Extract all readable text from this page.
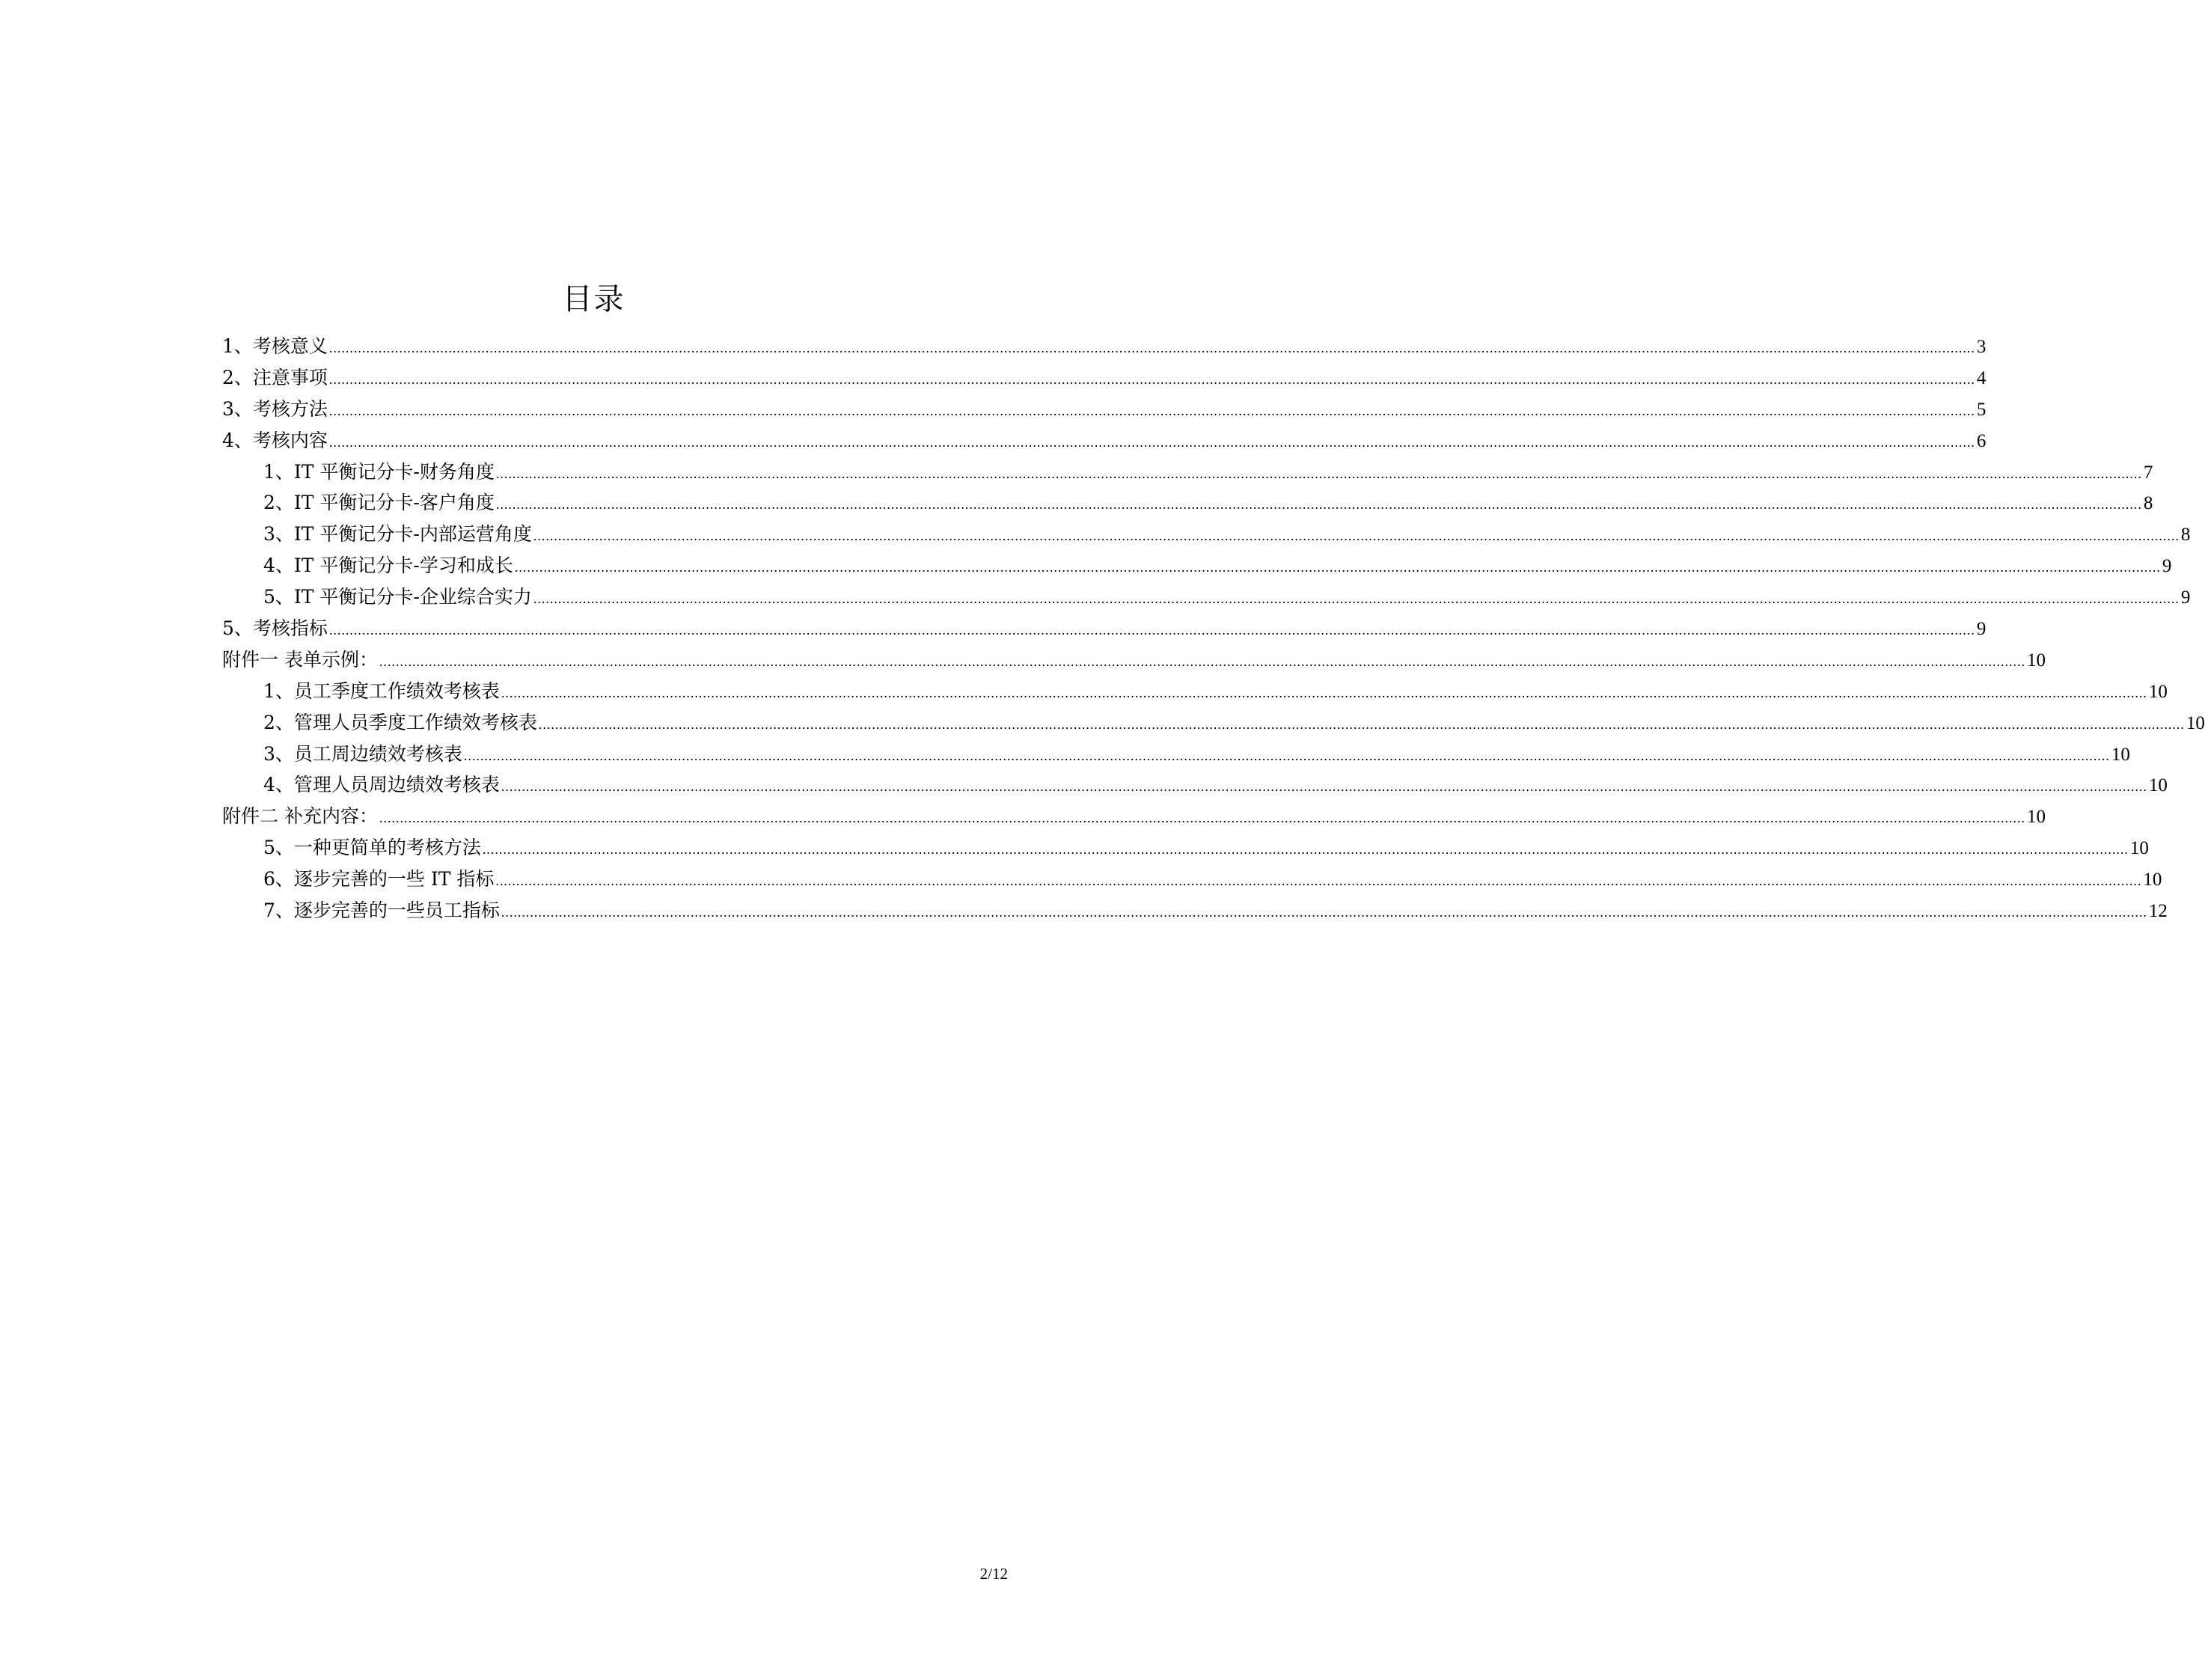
目录
1、考核意义 ................................................................................................................................................................................................................................................................................................................................................................................................................ 3
2、注意事项 ................................................................................................................................................................................................................................................................................................................................................................................................................ 4
3、考核方法 ................................................................................................................................................................................................................................................................................................................................................................................................................ 5
4、考核内容 ................................................................................................................................................................................................................................................................................................................................................................................................................ 6
1、IT 平衡记分卡-财务角度 ................................................................................................................................................................................................................................................................................................................................................................................................................ 7
2、IT 平衡记分卡-客户角度 ................................................................................................................................................................................................................................................................................................................................................................................................................ 8
3、IT 平衡记分卡-内部运营角度 ................................................................................................................................................................................................................................................................................................................................................................................................................ 8
4、IT 平衡记分卡-学习和成长 ................................................................................................................................................................................................................................................................................................................................................................................................................ 9
5、IT 平衡记分卡-企业综合实力 ................................................................................................................................................................................................................................................................................................................................................................................................................ 9
5、考核指标 ................................................................................................................................................................................................................................................................................................................................................................................................................ 9
附件一 表单示例： ................................................................................................................................................................................................................................................................................................................................................................................................................ 10
1、员工季度工作绩效考核表 ................................................................................................................................................................................................................................................................................................................................................................................................................ 10
2、管理人员季度工作绩效考核表 ................................................................................................................................................................................................................................................................................................................................................................................................................ 10
3、员工周边绩效考核表 ................................................................................................................................................................................................................................................................................................................................................................................................................ 10
4、管理人员周边绩效考核表 ................................................................................................................................................................................................................................................................................................................................................................................................................ 10
附件二 补充内容： ................................................................................................................................................................................................................................................................................................................................................................................................................ 10
5、一种更简单的考核方法 ................................................................................................................................................................................................................................................................................................................................................................................................................ 10
6、逐步完善的一些 IT 指标 ................................................................................................................................................................................................................................................................................................................................................................................................................ 10
7、逐步完善的一些员工指标 ................................................................................................................................................................................................................................................................................................................................................................................................................ 12
2/12
